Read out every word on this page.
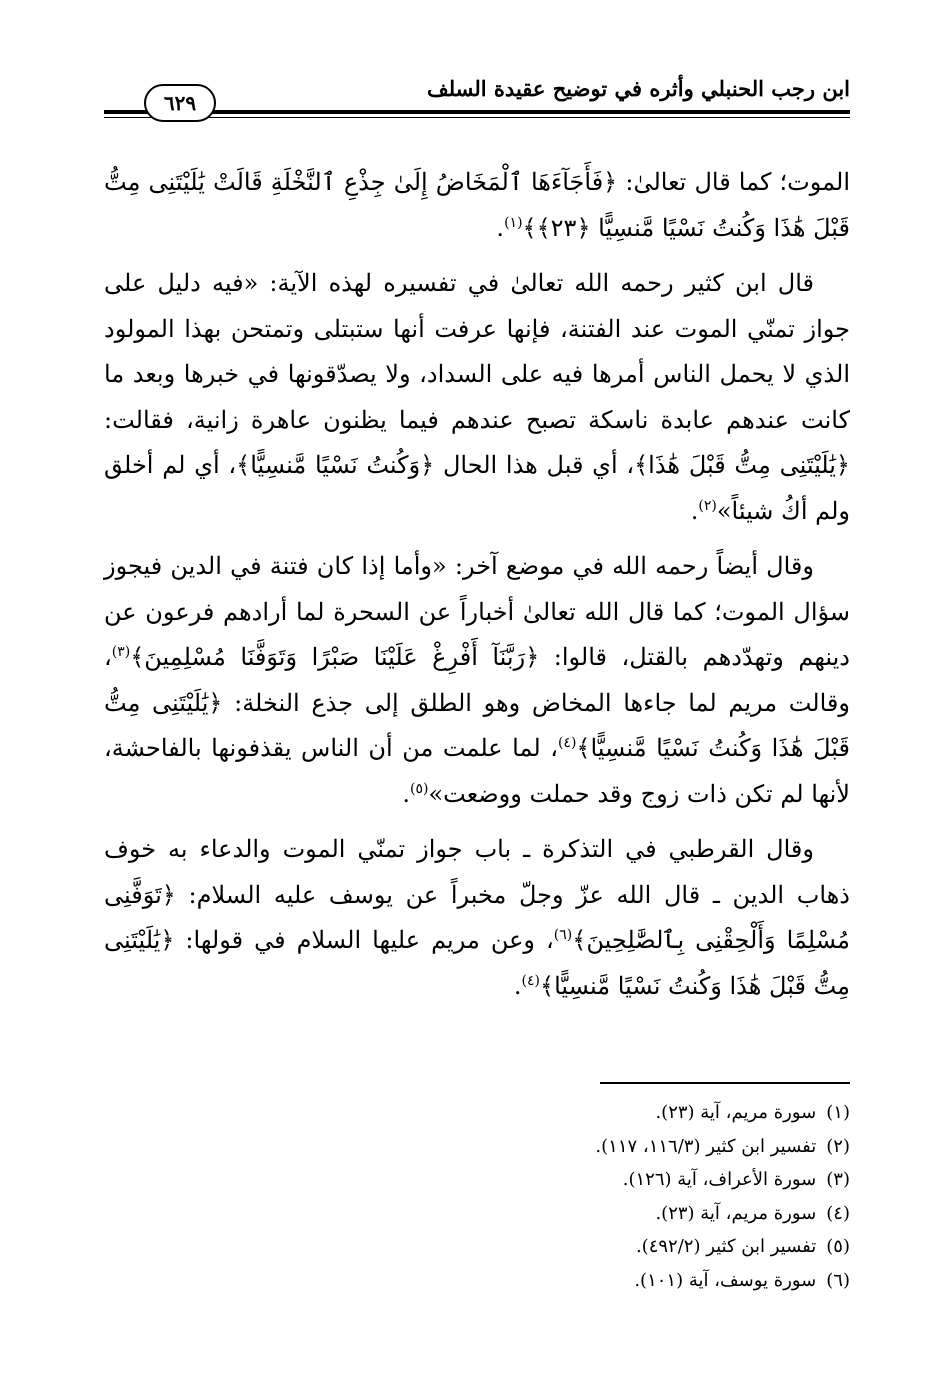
ابن رجب الحنبلي وأثره في توضيح عقيدة السلف
٦٢٩

الموت؛ كما قال تعالىٰ: ﴿فَأَجَآءَهَا ٱلْمَخَاضُ إِلَىٰ جِذْعِ ٱلنَّخْلَةِ قَالَتْ يَٰلَيْتَنِى مِتُّ قَبْلَ هَٰذَا وَكُنتُ نَسْيًا مَّنسِيًّا ﴿٢٣﴾﴾$^{(١)}$.

قال ابن كثير رحمه الله تعالىٰ في تفسيره لهذه الآية: «فيه دليل على جواز تمنّي الموت عند الفتنة، فإنها عرفت أنها ستبتلى وتمتحن بهذا المولود الذي لا يحمل الناس أمرها فيه على السداد، ولا يصدّقونها في خبرها وبعد ما كانت عندهم عابدة ناسكة تصبح عندهم فيما يظنون عاهرة زانية، فقالت: ﴿يَٰلَيْتَنِى مِتُّ قَبْلَ هَٰذَا﴾، أي قبل هذا الحال ﴿وَكُنتُ نَسْيًا مَّنسِيًّا﴾، أي لم أخلق ولم أكُ شيئاً»$^{(٢)}$.

وقال أيضاً رحمه الله في موضع آخر: «وأما إذا كان فتنة في الدين فيجوز سؤال الموت؛ كما قال الله تعالىٰ أخباراً عن السحرة لما أرادهم فرعون عن دينهم وتهدّدهم بالقتل، قالوا: ﴿رَبَّنَآ أَفْرِغْ عَلَيْنَا صَبْرًا وَتَوَفَّنَا مُسْلِمِينَ﴾$^{(٣)}$، وقالت مريم لما جاءها المخاض وهو الطلق إلى جذع النخلة: ﴿يَٰلَيْتَنِى مِتُّ قَبْلَ هَٰذَا وَكُنتُ نَسْيًا مَّنسِيًّا﴾$^{(٤)}$، لما علمت من أن الناس يقذفونها بالفاحشة، لأنها لم تكن ذات زوج وقد حملت ووضعت»$^{(٥)}$.

وقال القرطبي في التذكرة ـ باب جواز تمنّي الموت والدعاء به خوف ذهاب الدين ـ قال الله عزّ وجلّ مخبراً عن يوسف عليه السلام: ﴿تَوَفَّنِى مُسْلِمًا وَأَلْحِقْنِى بِٱلصَّٰلِحِينَ﴾$^{(٦)}$، وعن مريم عليها السلام في قولها: ﴿يَٰلَيْتَنِى مِتُّ قَبْلَ هَٰذَا وَكُنتُ نَسْيًا مَّنسِيًّا﴾$^{(٤)}$.

(١)سورة مريم، آية (٢٣).
(٢)تفسير ابن كثير (١١٦/٣، ١١٧).
(٣)سورة الأعراف، آية (١٢٦).
(٤)سورة مريم، آية (٢٣).
(٥)تفسير ابن كثير (٤٩٢/٢).
(٦)سورة يوسف، آية (١٠١).
